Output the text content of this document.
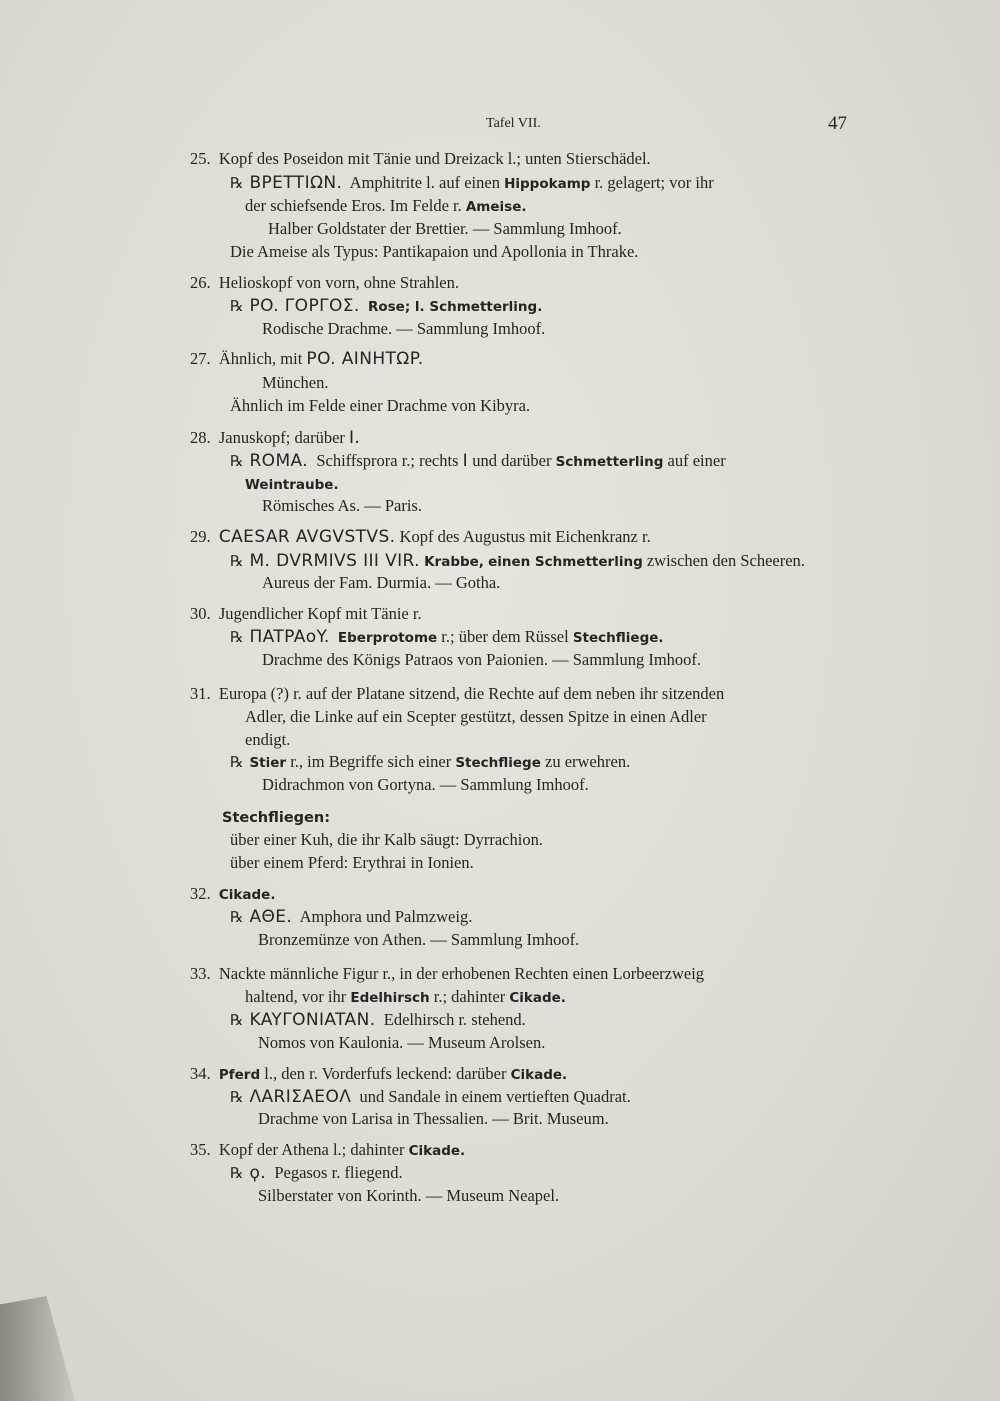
Tafel VII.	47
25. Kopf des Poseidon mit Tänie und Dreizack l.; unten Stierschädel.
℞ BPETTIΩN. Amphitrite l. auf einen Hippokamp r. gelagert; vor ihr
der schiefsende Eros. Im Felde r. Ameise.
Halber Goldstater der Brettier. — Sammlung Imhoof.
Die Ameise als Typus: Pantikapaion und Apollonia in Thrake.
26. Helioskopf von vorn, ohne Strahlen.
℞ PO. ΓOPΓOΣ. Rose; l. Schmetterling.
Rodische Drachme. — Sammlung Imhoof.
27. Ähnlich, mit PO. AINHTΩP.
München.
Ähnlich im Felde einer Drachme von Kibyra.
28. Januskopf; darüber I.
℞ ROMA. Schiffsprora r.; rechts I und darüber Schmetterling auf einer
Weintraube.
Römisches As. — Paris.
29. CAESAR AVGVSTVS. Kopf des Augustus mit Eichenkranz r.
℞ M. DVRMIVS III VIR. Krabbe, einen Schmetterling zwischen den Scheeren.
Aureus der Fam. Durmia. — Gotha.
30. Jugendlicher Kopf mit Tänie r.
℞ ΠATPAοY. Eberprotome r.; über dem Rüssel Stechfliege.
Drachme des Königs Patraos von Paionien. — Sammlung Imhoof.
31. Europa (?) r. auf der Platane sitzend, die Rechte auf dem neben ihr sitzenden
Adler, die Linke auf ein Scepter gestützt, dessen Spitze in einen Adler
endigt.
℞ Stier r., im Begriffe sich einer Stechfliege zu erwehren.
Didrachmon von Gortyna. — Sammlung Imhoof.
Stechfliegen:
über einer Kuh, die ihr Kalb säugt: Dyrrachion.
über einem Pferd: Erythrai in Ionien.
32. Cikade.
℞ AΘE. Amphora und Palmzweig.
Bronzemünze von Athen. — Sammlung Imhoof.
33. Nackte männliche Figur r., in der erhobenen Rechten einen Lorbeerzweig
haltend, vor ihr Edelhirsch r.; dahinter Cikade.
℞ KAYΓONIATAN. Edelhirsch r. stehend.
Nomos von Kaulonia. — Museum Arolsen.
34. Pferd l., den r. Vorderfufs leckend: darüber Cikade.
℞ ΛARIΣAEOΛ und Sandale in einem vertieften Quadrat.
Drachme von Larisa in Thessalien. — Brit. Museum.
35. Kopf der Athena l.; dahinter Cikade.
℞ ϙ. Pegasos r. fliegend.
Silberstater von Korinth. — Museum Neapel.
